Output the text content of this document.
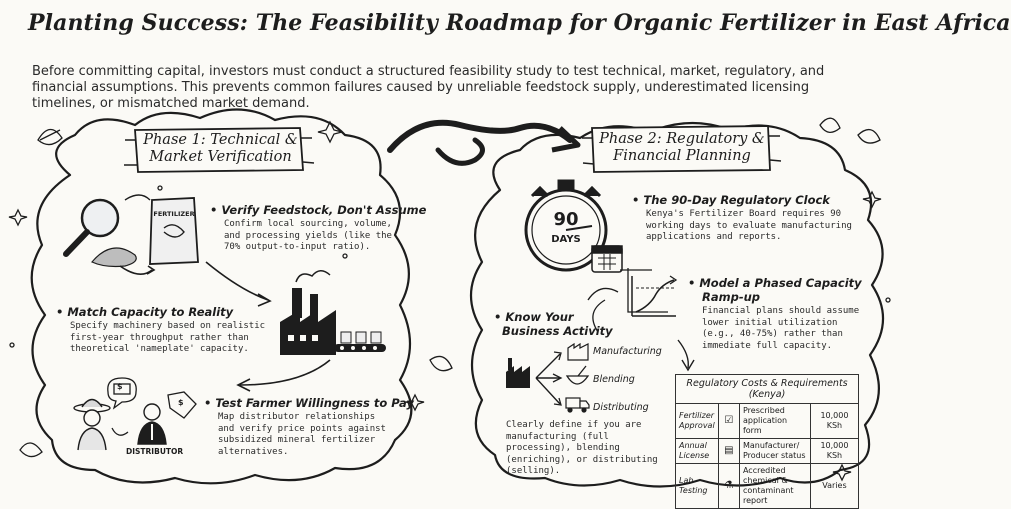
Planting Success: The Feasibility Roadmap for Organic Fertilizer in East Africa
Before committing capital, investors must conduct a structured feasibility study to test technical, market, regulatory, and financial assumptions. This prevents common failures caused by unreliable feedstock supply, underestimated licensing timelines, or mismatched market demand.
Phase 1: Technical &
Market Verification
FERTILIZER
DISTRIBUTOR
$
$
• Verify Feedstock, Don't Assume
Confirm local sourcing, volume, and processing yields (like the 70% output-to-input ratio).
• Match Capacity to Reality
Specify machinery based on realistic first-year throughput rather than theoretical 'nameplate' capacity.
• Test Farmer Willingness to Pay
Map distributor relationships and verify price points against subsidized mineral fertilizer alternatives.
Phase 2: Regulatory &
Financial Planning
90
DAYS
• The 90-Day Regulatory Clock
Kenya's Fertilizer Board requires 90 working days to evaluate manufacturing applications and reports.
• Model a Phased Capacity
Ramp-up
Financial plans should assume lower initial utilization (e.g., 40-75%) rather than immediate full capacity.
• Know Your
Business Activity
Manufacturing
Blending
Distributing
Clearly define if you are manufacturing (full processing), blending (enriching), or distributing (selling).
Regulatory Costs & Requirements (Kenya)
Fertilizer Approval	☑	Prescribed application form	10,000 KSh
Annual License	▤	Manufacturer/ Producer status	10,000 KSh
Lab Testing	⚗	Accredited chemical & contaminant report	Varies
